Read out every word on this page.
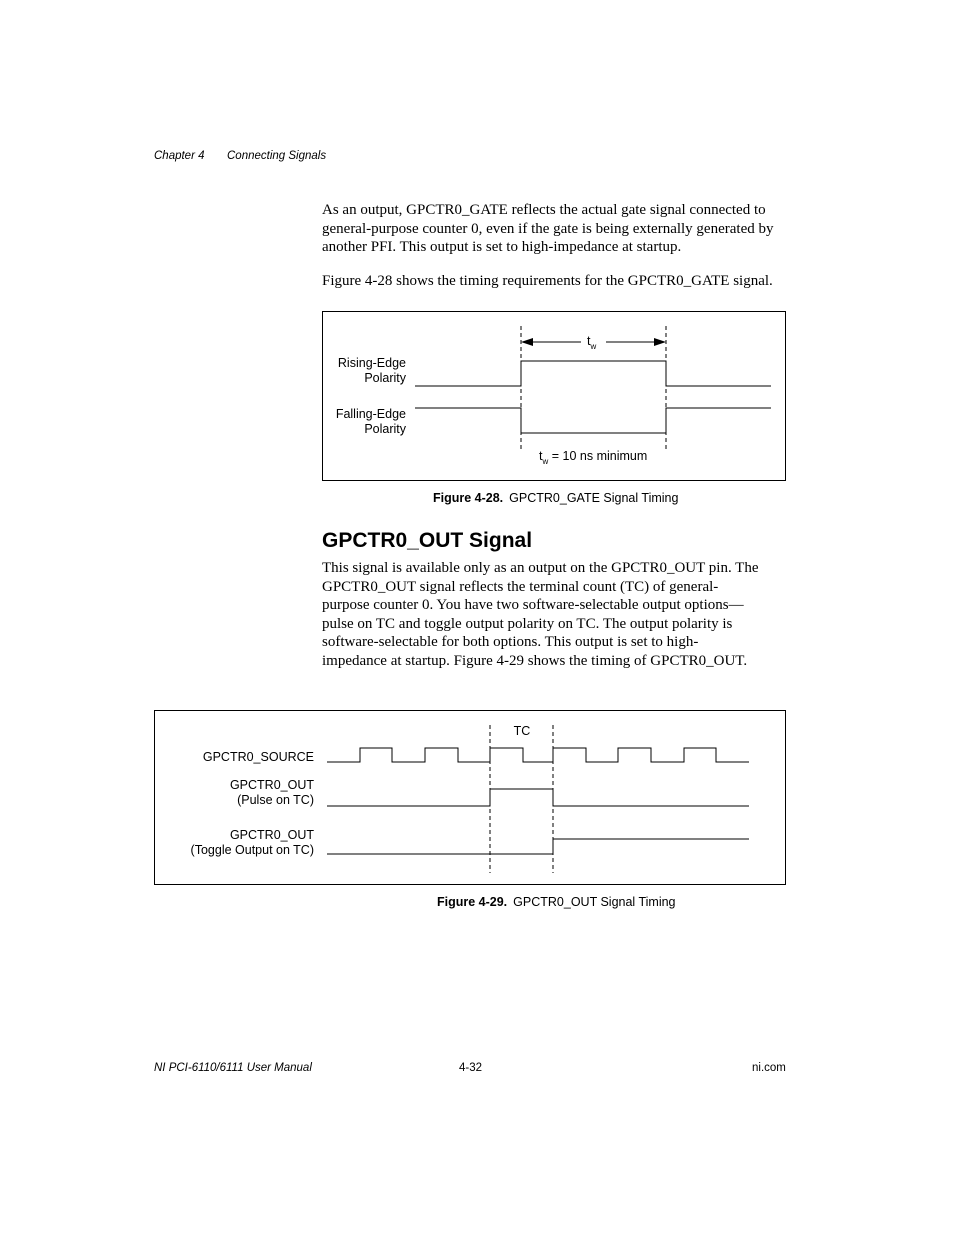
Chapter 4 Connecting Signals

As an output, GPCTR0_GATE reflects the actual gate signal connected to general-purpose counter 0, even if the gate is being externally generated by another PFI. This output is set to high-impedance at startup.

Figure 4-28 shows the timing requirements for the GPCTR0_GATE signal.

$t_w$
Rising-Edge
Polarity
Falling-Edge
Polarity
$t_w = 10$ ns minimum
Figure 4-28. GPCTR0_GATE Signal Timing
GPCTR0_OUT Signal

This signal is available only as an output on the GPCTR0_OUT pin. The GPCTR0_OUT signal reflects the terminal count (TC) of general-purpose counter 0. You have two software-selectable output options—pulse on TC and toggle output polarity on TC. The output polarity is software-selectable for both options. This output is set to high-impedance at startup. Figure 4-29 shows the timing of GPCTR0_OUT.

TC
GPCTR0_SOURCE
GPCTR0_OUT
(Pulse on TC)
GPCTR0_OUT
(Toggle Output on TC)
Figure 4-29. GPCTR0_OUT Signal Timing
NI PCI-6110/6111 User Manual	4-32	ni.com
